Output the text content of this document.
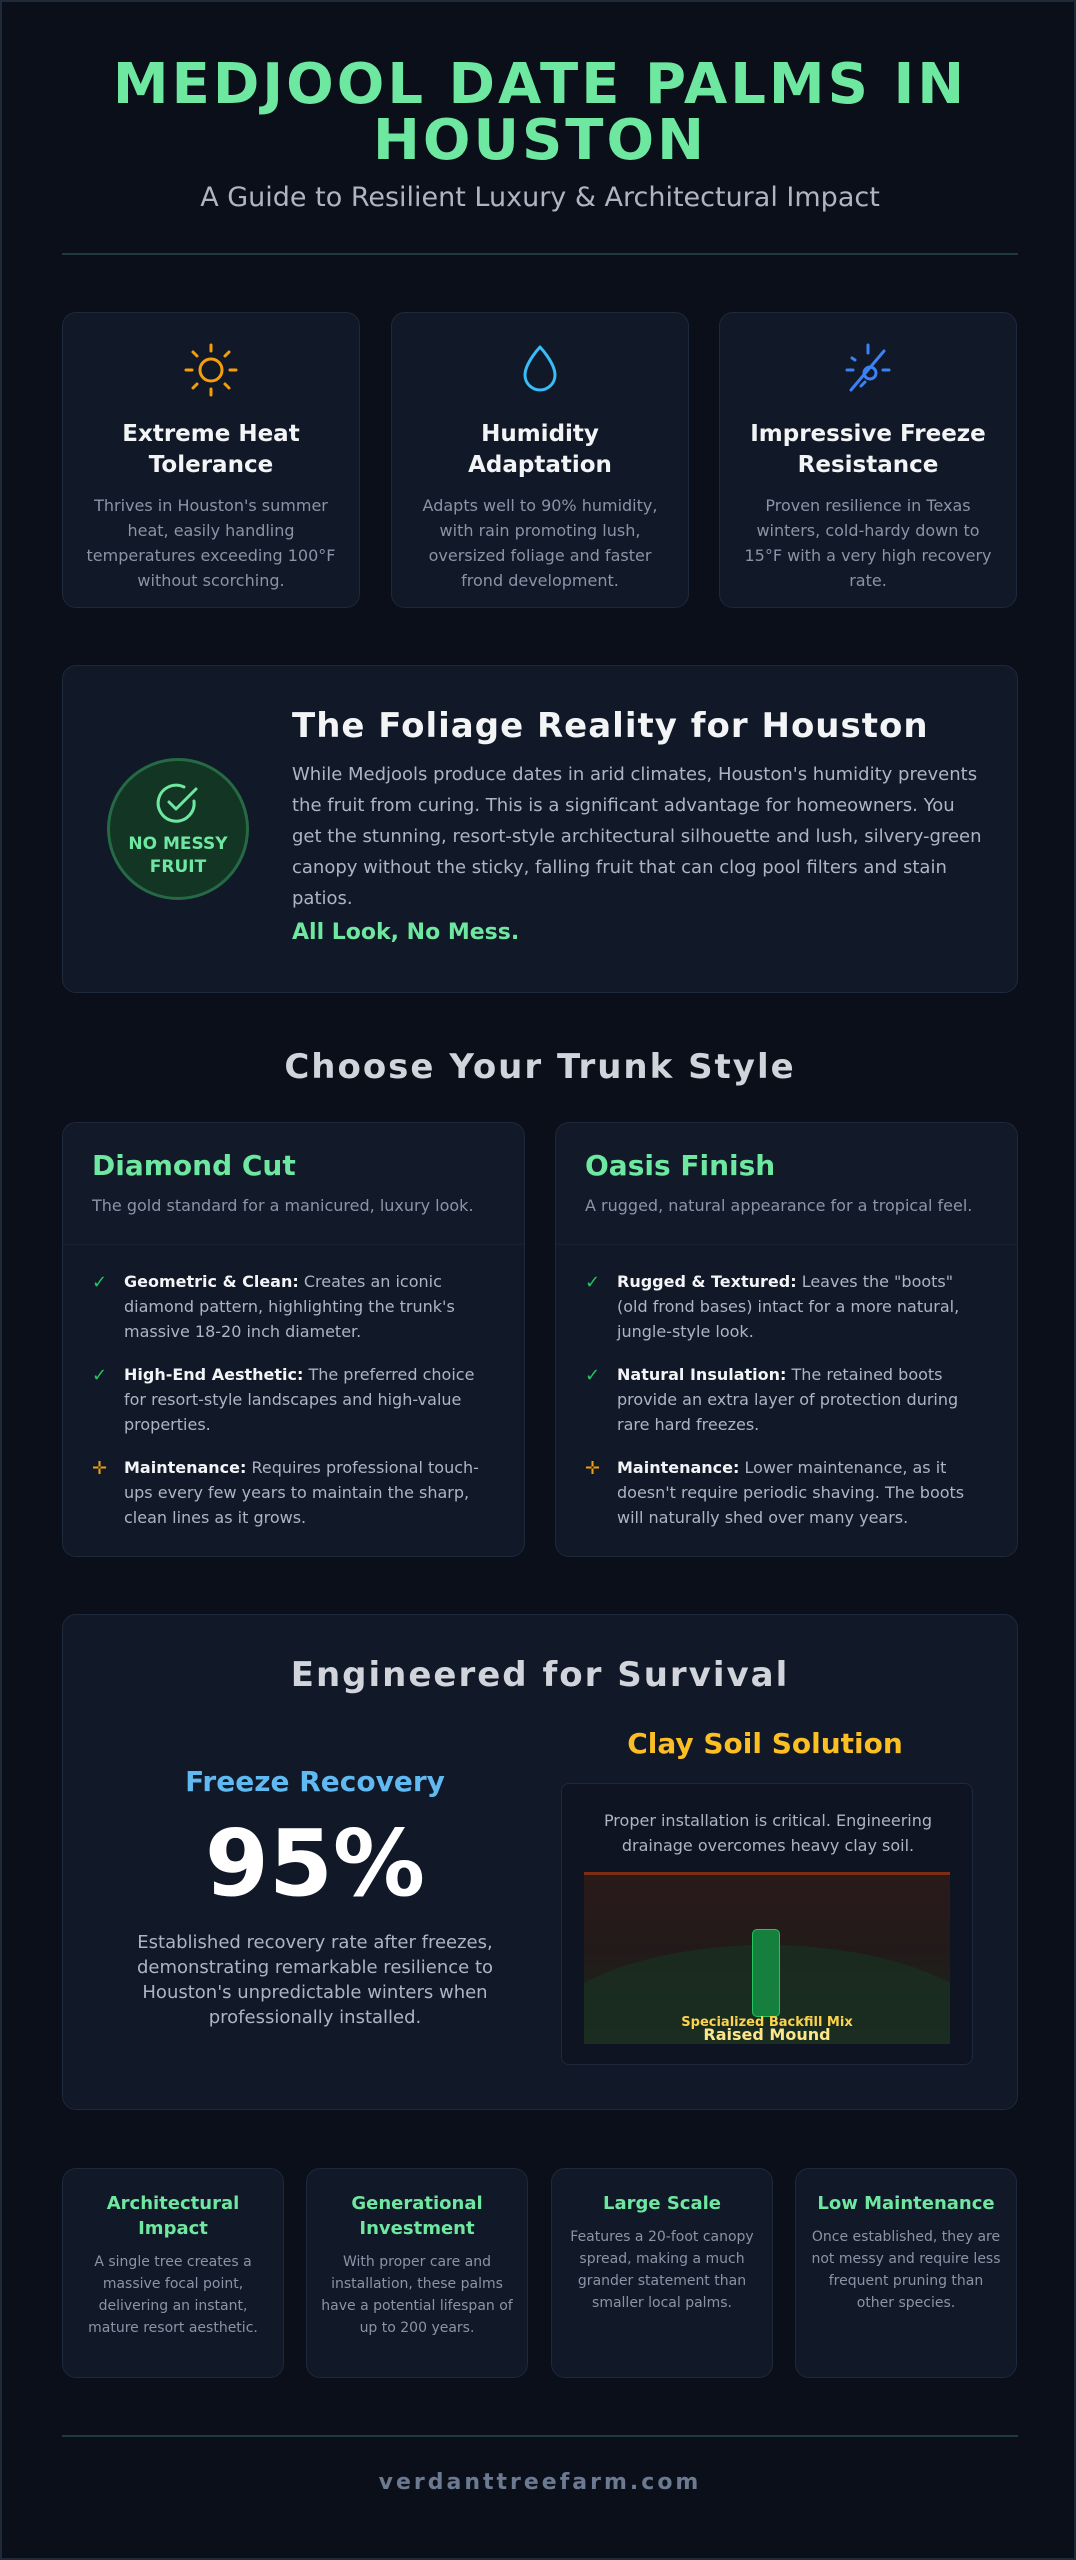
MEDJOOL DATE PALMS IN HOUSTON
A Guide to Resilient Luxury & Architectural Impact
Extreme Heat Tolerance

Thrives in Houston's summer heat, easily handling temperatures exceeding 100°F without scorching.

Humidity Adaptation

Adapts well to 90% humidity, with rain promoting lush, oversized foliage and faster frond development.

Impressive Freeze Resistance

Proven resilience in Texas winters, cold-hardy down to 15°F with a very high recovery rate.

NO MESSY FRUIT
The Foliage Reality for Houston

While Medjools produce dates in arid climates, Houston's humidity prevents the fruit from curing. This is a significant advantage for homeowners. You get the stunning, resort-style architectural silhouette and lush, silvery-green canopy without the sticky, falling fruit that can clog pool filters and stain patios.

All Look, No Mess.
Choose Your Trunk Style
Diamond Cut
The gold standard for a manicured, luxury look.
✓ Geometric & Clean: Creates an iconic diamond pattern, highlighting the trunk's massive 18-20 inch diameter.
✓ High-End Aesthetic: The preferred choice for resort-style landscapes and high-value properties.
✛ Maintenance: Requires professional touch-ups every few years to maintain the sharp, clean lines as it grows.
Oasis Finish
A rugged, natural appearance for a tropical feel.
✓ Rugged & Textured: Leaves the "boots" (old frond bases) intact for a more natural, jungle-style look.
✓ Natural Insulation: The retained boots provide an extra layer of protection during rare hard freezes.
✛ Maintenance: Lower maintenance, as it doesn't require periodic shaving. The boots will naturally shed over many years.
Engineered for Survival
Freeze Recovery
95%
Established recovery rate after freezes, demonstrating remarkable resilience to Houston's unpredictable winters when professionally installed.
Clay Soil Solution

Proper installation is critical. Engineering drainage overcomes heavy clay soil.

Specialized Backfill Mix
Raised Mound
Architectural Impact

A single tree creates a massive focal point, delivering an instant, mature resort aesthetic.

Generational Investment

With proper care and installation, these palms have a potential lifespan of up to 200 years.

Large Scale

Features a 20-foot canopy spread, making a much grander statement than smaller local palms.

Low Maintenance

Once established, they are not messy and require less frequent pruning than other species.

verdanttreefarm.com
